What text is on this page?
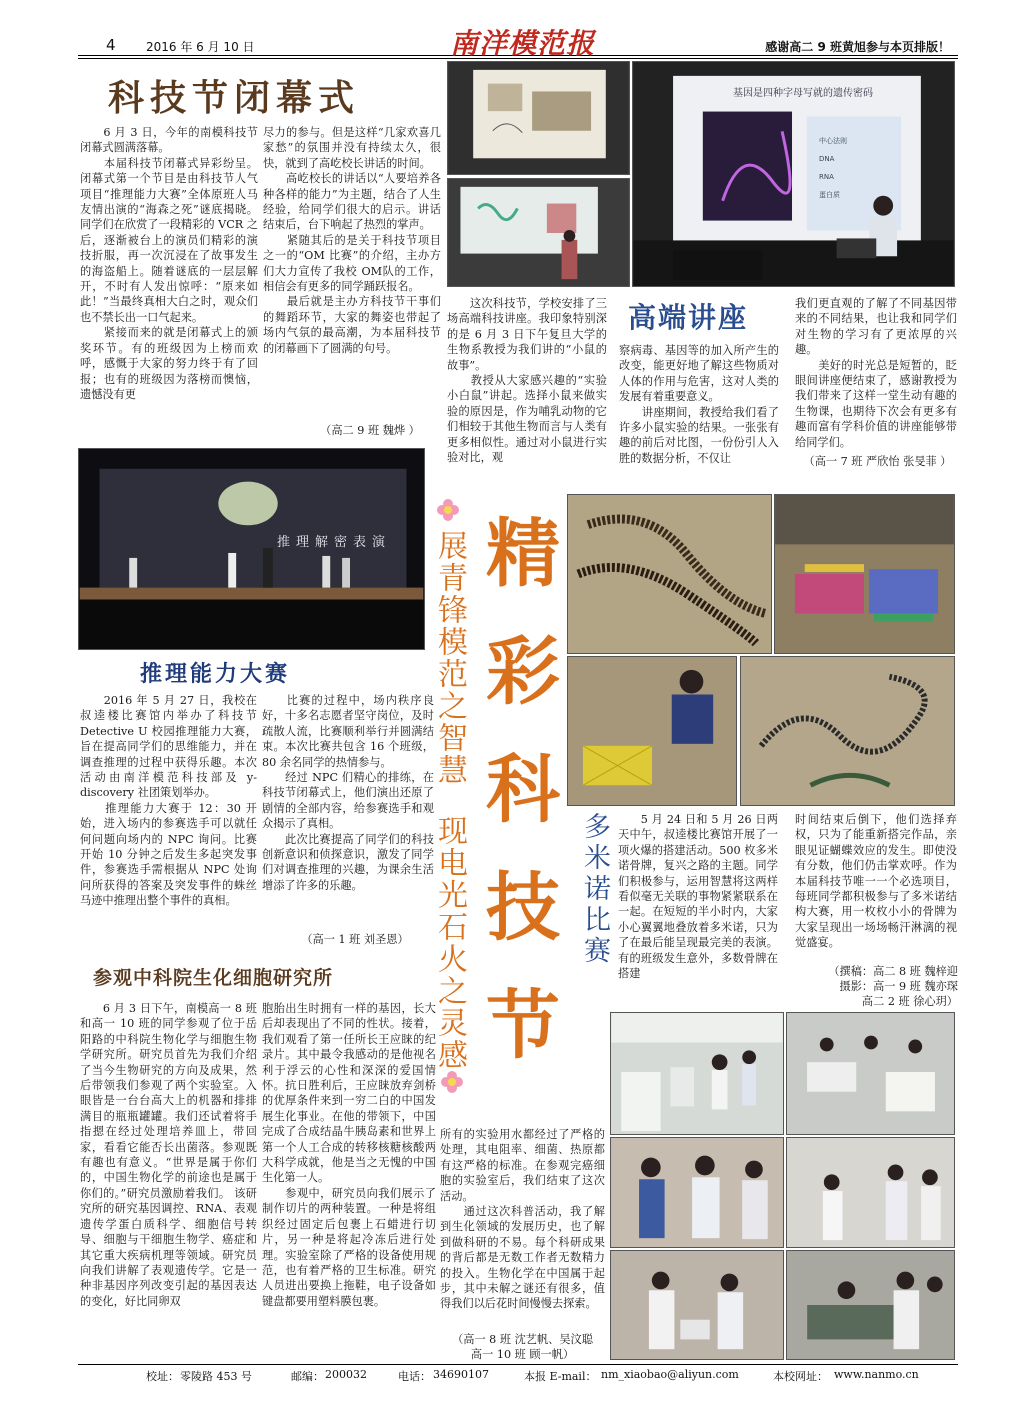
4	2016 年 6 月 10 日	感谢高二 9 班黄旭参与本页排版！
南洋模范报
科技节闭幕式
　　6 月 3 日，今年的南模科技节闭幕式圆满落幕。
　　本届科技节闭幕式异彩纷呈。闭幕式第一个节目是由科技节人气项目“推理能力大赛”全体原班人马友情出演的“海森之死”谜底揭晓。同学们在欣赏了一段精彩的 VCR 之后，逐渐被台上的演员们精彩的演技折服，再一次沉浸在了故事发生的海盗船上。随着谜底的一层层解开，不时有人发出惊呼：“原来如此！”当最终真相大白之时，观众们也不禁长出一口气起来。
　　紧接而来的就是闭幕式上的颁奖环节。有的班级因为上榜而欢呼，感慨于大家的努力终于有了回报；也有的班级因为落榜而懊恼，遗憾没有更
尽力的参与。但是这样“几家欢喜几家愁”的氛围并没有持续太久，很快，就到了高屹校长讲话的时间。
　　高屹校长的讲话以“人要培养各种各样的能力”为主题，结合了人生经验，给同学们很大的启示。讲话结束后，台下响起了热烈的掌声。
　　紧随其后的是关于科技节项目之一的“OM 比赛”的介绍，主办方们大力宣传了我校 OM队的工作，相信会有更多的同学踊跃报名。
　　最后就是主办方科技节干事们的舞蹈环节，大家的舞姿也带起了场内气氛的最高潮，为本届科技节的闭幕画下了圆满的句号。
（高二 9 班 魏烨 ）
基因是四种字母写就的遗传密码
中心法则
DNA
RNA
蛋白质
　　这次科技节，学校安排了三场高端科技讲座。我印象特别深的是 6 月 3 日下午复旦大学的生物系教授为我们讲的“小鼠的故事”。
　　教授从大家感兴趣的“实验小白鼠”讲起。选择小鼠来做实验的原因是，作为哺乳动物的它们相较于其他生物而言与人类有更多相似性。通过对小鼠进行实验对比，观
高端讲座
察病毒、基因等的加入所产生的改变，能更好地了解这些物质对人体的作用与危害，这对人类的发展有着重要意义。
　　讲座期间，教授给我们看了许多小鼠实验的结果。一张张有趣的前后对比图，一份份引人入胜的数据分析，不仅让
我们更直观的了解了不同基因带来的不同结果，也让我和同学们对生物的学习有了更浓厚的兴趣。
　　美好的时光总是短暂的，眨眼间讲座便结束了，感谢教授为我们带来了这样一堂生动有趣的生物课，也期待下次会有更多有趣而富有学科价值的讲座能够带给同学们。
（高一 7 班 严欣怡 张旻菲 ）
推理解密表演
推理能力大赛
　　2016 年 5 月 27 日，我校在叔逵楼比赛馆内举办了科技节 Detective U 校园推理能力大赛，旨在提高同学们的思维能力，并在调查推理的过程中获得乐趣。本次活动由南洋模范科技部及 y-discovery 社团策划举办。
　　推理能力大赛于 12：30 开始，进入场内的参赛选手可以就任何问题向场内的 NPC 询问。比赛开始 10 分钟之后发生多起突发事件，参赛选手需根据从 NPC 处询问所获得的答案及突发事件的蛛丝马迹中推理出整个事件的真相。
　　比赛的过程中，场内秩序良好，十多名志愿者坚守岗位，及时疏散人流，比赛顺利举行并圆满结束。本次比赛共包含 16 个班级，80 余名同学的热情参与。
　　经过 NPC 们精心的排练，在科技节闭幕式上，他们演出还原了剧情的全部内容，给参赛选手和观众揭示了真相。
　　此次比赛提高了同学们的科技创新意识和侦探意识，激发了同学们对调查推理的兴趣，为课余生活增添了许多的乐趣。
（高一 1 班 刘圣恩）
参观中科院生化细胞研究所
　　6 月 3 日下午，南模高一 8 班和高一 10 班的同学参观了位于岳阳路的中科院生物化学与细胞生物学研究所。研究员首先为我们介绍了当今生物研究的方向及成果，然后带领我们参观了两个实验室。入眼皆是一台台高大上的机器和排排满目的瓶瓶罐罐。我们还试着将手指摁在经过处理培养皿上，带回家，看看它能否长出菌落。参观既有趣也有意义。“世界是属于你们的，中国生物化学的前途也是属于你们的。”研究员激励着我们。 该研究所的研究基因调控、RNA、表观遗传学蛋白质科学、细胞信号转导、细胞与干细胞生物学、癌症和其它重大疾病机理等领域。研究员向我们讲解了表观遗传学。它是一种非基因序列改变引起的基因表达的变化，好比同卵双
胞胎出生时拥有一样的基因，长大后却表现出了不同的性状。接着，我们观看了第一任所长王应睐的纪录片。其中最令我感动的是他视名利于浮云的心性和深深的爱国情怀。抗日胜利后，王应睐放弃剑桥的优厚条件来到一穷二白的中国发展生化事业。在他的带领下，中国完成了合成结晶牛胰岛素和世界上第一个人工合成的转移核糖核酸两大科学成就，他是当之无愧的中国生化第一人。
　　参观中，研究员向我们展示了制作切片的两种装置。一种是将组织经过固定后包裹上石蜡进行切片，另一种是将起冷冻后进行处理。实验室除了严格的设备使用规范，也有着严格的卫生标准。研究人员进出要换上拖鞋，电子设备如键盘都要用塑料膜包裹。
所有的实验用水都经过了严格的处理，其电阻率、细菌、热原都有这严格的标准。在参观完癌细胞的实验室后，我们结束了这次活动。
　　通过这次科普活动，我了解到生化领域的发展历史，也了解到做科研的不易。每个科研成果的背后都是无数工作者无数精力的投入。生物化学在中国属于起步，其中未解之谜还有很多，值得我们以后花时间慢慢去探索。
（高一 8 班 沈艺帆、吴汶聪
高一 10 班 顾一帆）
展青锋模范之智慧
现电光石火之灵感
精
彩
科
技
节
多米诺比赛 　　5 月 24 日和 5 月 26 日两天中午，叔逵楼比赛馆开展了一项火爆的搭建活动。500 枚多米诺骨牌，复兴之路的主题。同学们积极参与，运用智慧将这两样看似毫无关联的事物紧紧联系在一起。在短短的半小时内，大家小心翼翼地叠放着多米诺，只为了在最后能呈现最完美的表演。有的班级发生意外，多数骨牌在搭建
时间结束后倒下，他们选择弃权，只为了能重新搭完作品，亲眼见证蝴蝶效应的发生。即使没有分数，他们仍击掌欢呼。作为本届科技节唯一一个必选项目，每班同学都积极参与了多米诺结构大赛，用一枚枚小小的骨牌为大家呈现出一场场畅汗淋漓的视觉盛宴。
（撰稿：高二 8 班 魏梓迎
摄影：高一 9 班 魏亦琛
高二 2 班 徐心玥）
校址： 零陵路 453 号	邮编： 200032	电话： 34690107	本报 E-mail： nm_xiaobao@aliyun.com	本校网址： www.nanmo.cn
